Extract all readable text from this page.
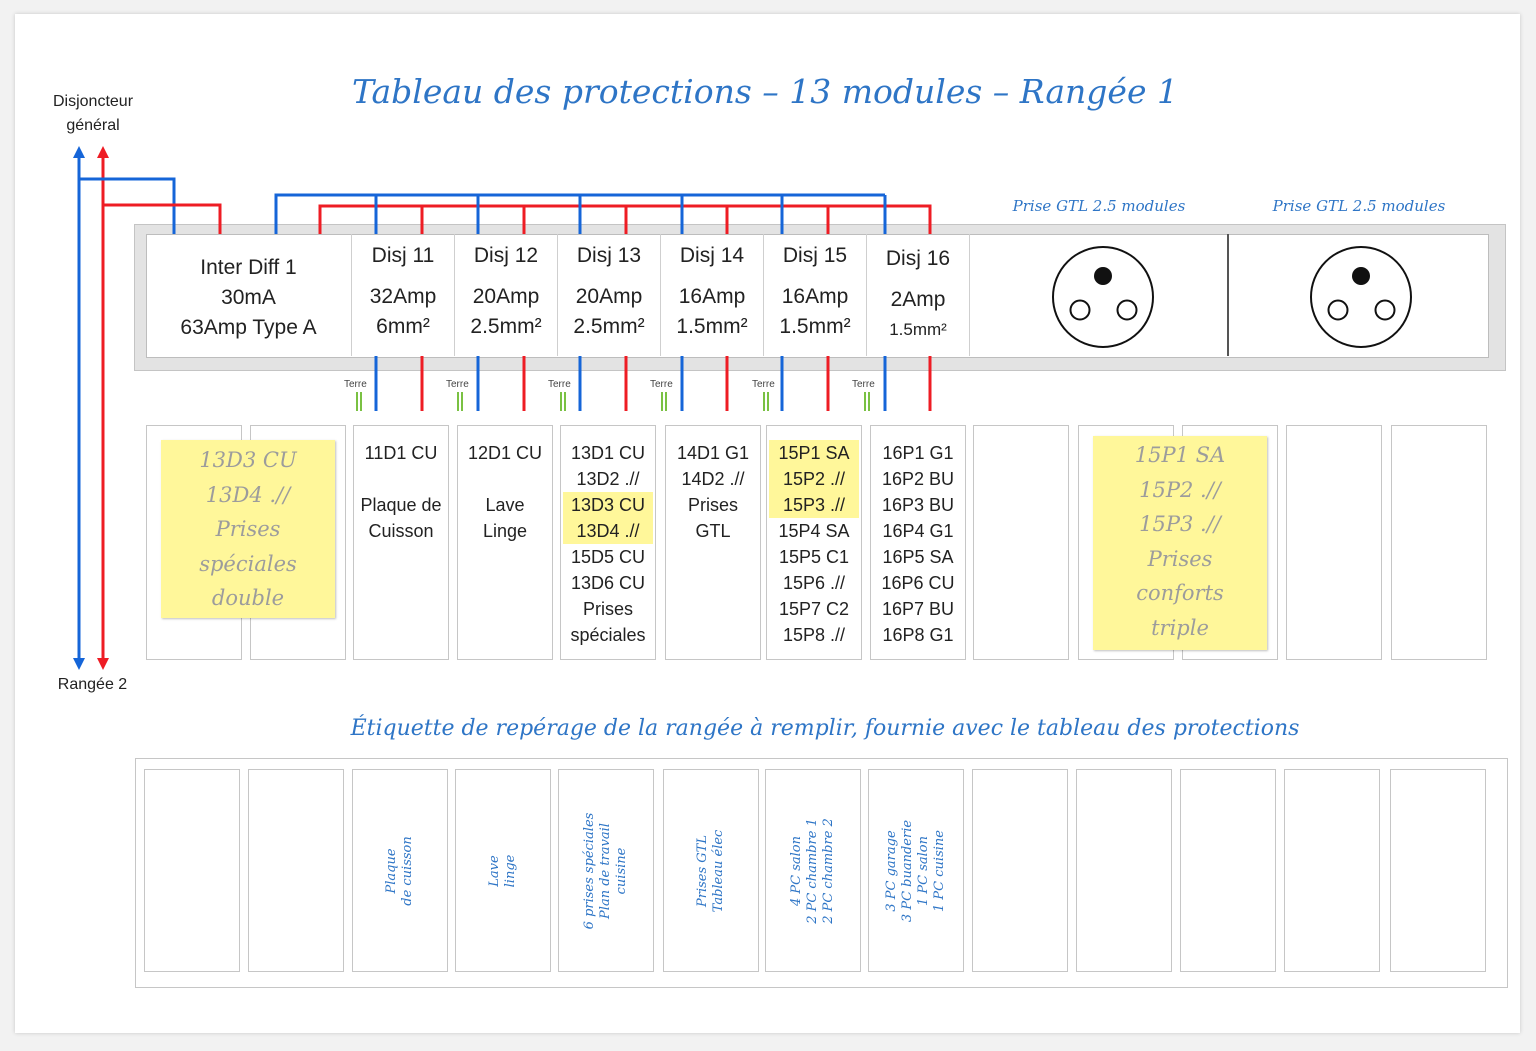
Tableau des protections – 13 modules – Rangée 1
Disjoncteur
général
Rangée 2
Prise GTL 2.5 modules	Prise GTL 2.5 modules
Inter Diff 1
30mA
63Amp Type A
Disj 11
32Amp
6mm²
Disj 12
20Amp
2.5mm²
Disj 13
20Amp
2.5mm²
Disj 14
16Amp
1.5mm²
Disj 15
16Amp
1.5mm²
Disj 16
2Amp
1.5mm²
Terre	Terre	Terre	Terre	Terre	Terre
11D1 CU

Plaque de
Cuisson
12D1 CU

Lave
Linge
13D1 CU
13D2 .//
13D3 CU
13D4 .//
15D5 CU
13D6 CU
Prises
spéciales
14D1 G1
14D2 .//
Prises
GTL
15P1 SA
15P2 .//
15P3 .//
15P4 SA
15P5 C1
15P6 .//
15P7 C2
15P8 .//
16P1 G1
16P2 BU
16P3 BU
16P4 G1
16P5 SA
16P6 CU
16P7 BU
16P8 G1
13D3 CU
13D4 .//
Prises
spéciales
double
15P1 SA
15P2 .//
15P3 .//
Prises
conforts
triple
Étiquette de repérage de la rangée à remplir, fournie avec le tableau des protections
Plaque de cuisson	Lave linge	6 prises spéciales Plan de travail cuisine	Prises GTL Tableau élec	4 PC salon 2 PC chambre 1 2 PC chambre 2	3 PC garage 3 PC buanderie 1 PC salon 1 PC cuisine
